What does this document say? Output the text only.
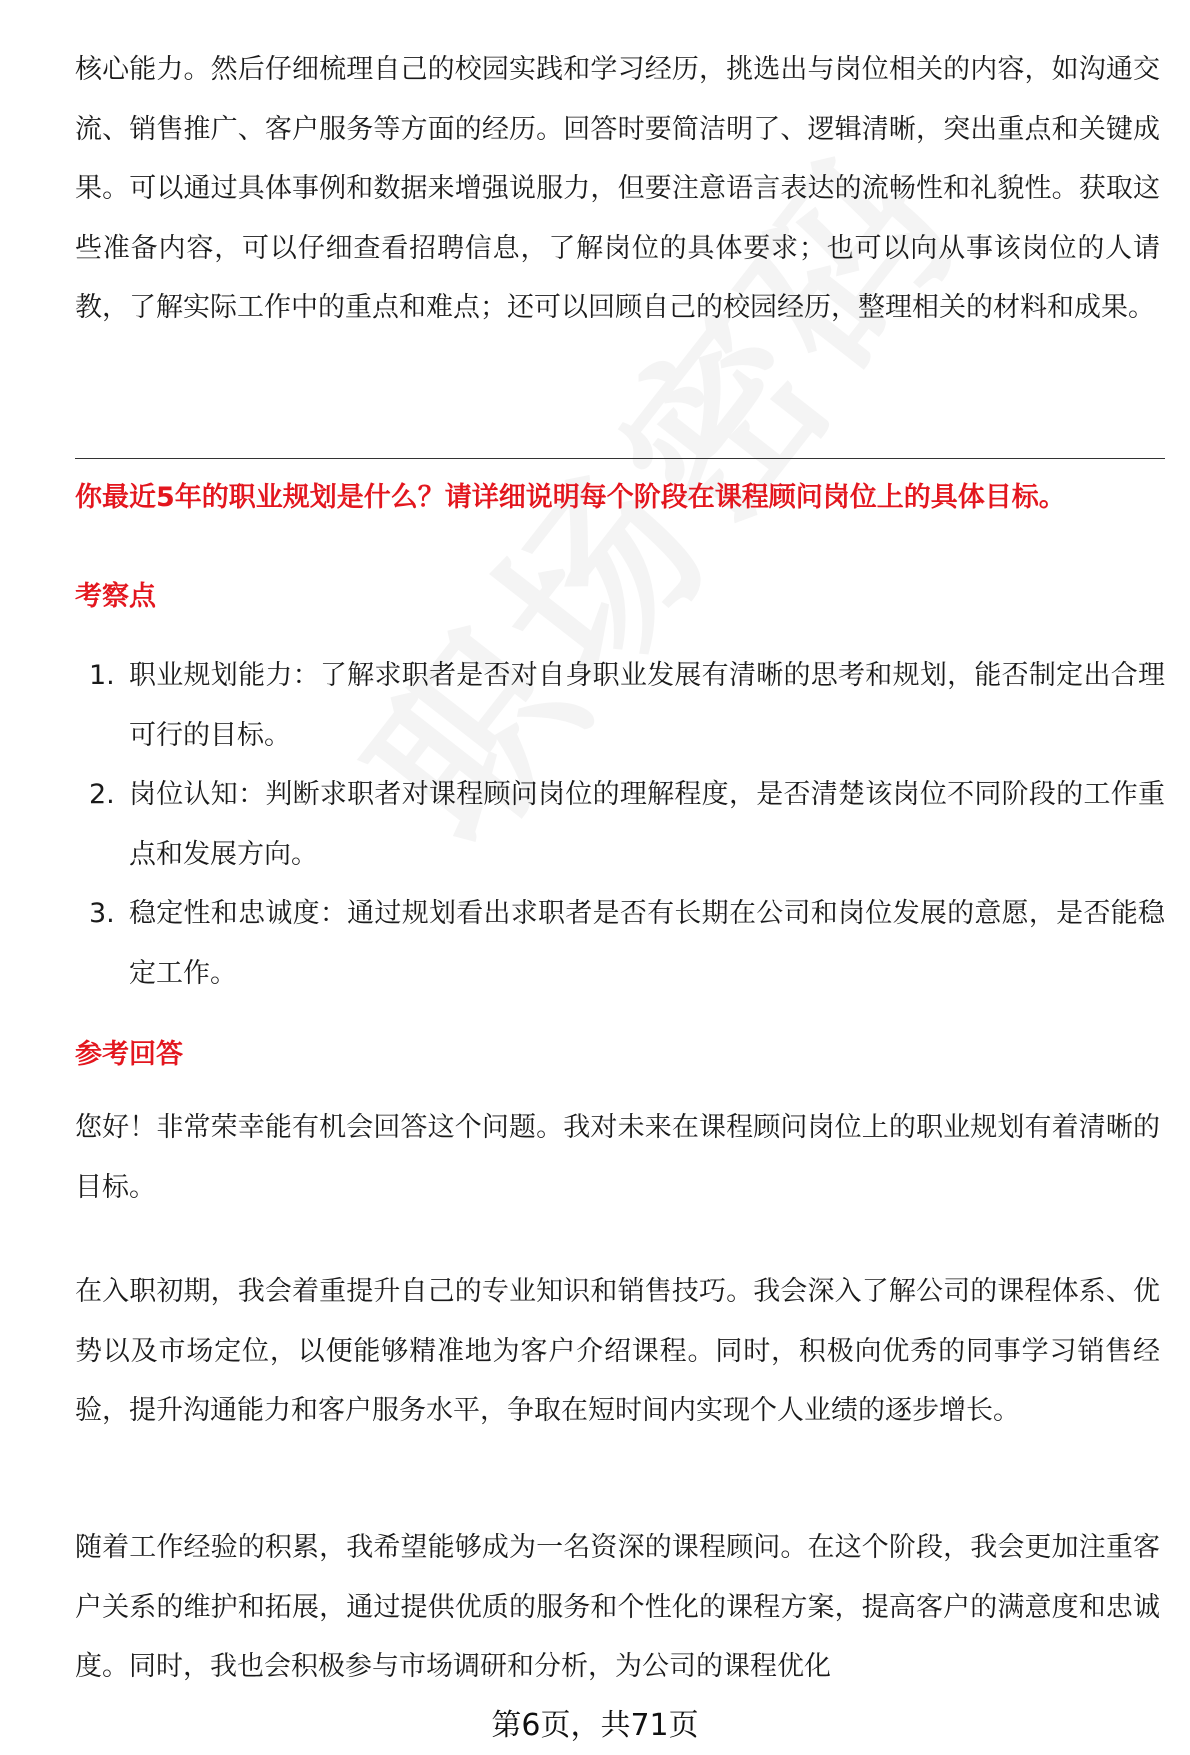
核心能力。然后仔细梳理自己的校园实践和学习经历，挑选出与岗位相关的内容，如沟通交流、销售推广、客户服务等方面的经历。回答时要简洁明了、逻辑清晰，突出重点和关键成果。可以通过具体事例和数据来增强说服力，但要注意语言表达的流畅性和礼貌性。获取这些准备内容，可以仔细查看招聘信息，了解岗位的具体要求；也可以向从事该岗位的人请教，了解实际工作中的重点和难点；还可以回顾自己的校园经历，整理相关的材料和成果。

你最近5年的职业规划是什么？请详细说明每个阶段在课程顾问岗位上的具体目标。

考察点

1. 职业规划能力：了解求职者是否对自身职业发展有清晰的思考和规划，能否制定出合理可行的目标。
2. 岗位认知：判断求职者对课程顾问岗位的理解程度，是否清楚该岗位不同阶段的工作重点和发展方向。
3. 稳定性和忠诚度：通过规划看出求职者是否有长期在公司和岗位发展的意愿，是否能稳定工作。

参考回答

您好！非常荣幸能有机会回答这个问题。我对未来在课程顾问岗位上的职业规划有着清晰的目标。

在入职初期，我会着重提升自己的专业知识和销售技巧。我会深入了解公司的课程体系、优势以及市场定位，以便能够精准地为客户介绍课程。同时，积极向优秀的同事学习销售经验，提升沟通能力和客户服务水平，争取在短时间内实现个人业绩的逐步增长。

随着工作经验的积累，我希望能够成为一名资深的课程顾问。在这个阶段，我会更加注重客户关系的维护和拓展，通过提供优质的服务和个性化的课程方案，提高客户的满意度和忠诚度。同时，我也会积极参与市场调研和分析，为公司的课程优化

第6页，共71页
